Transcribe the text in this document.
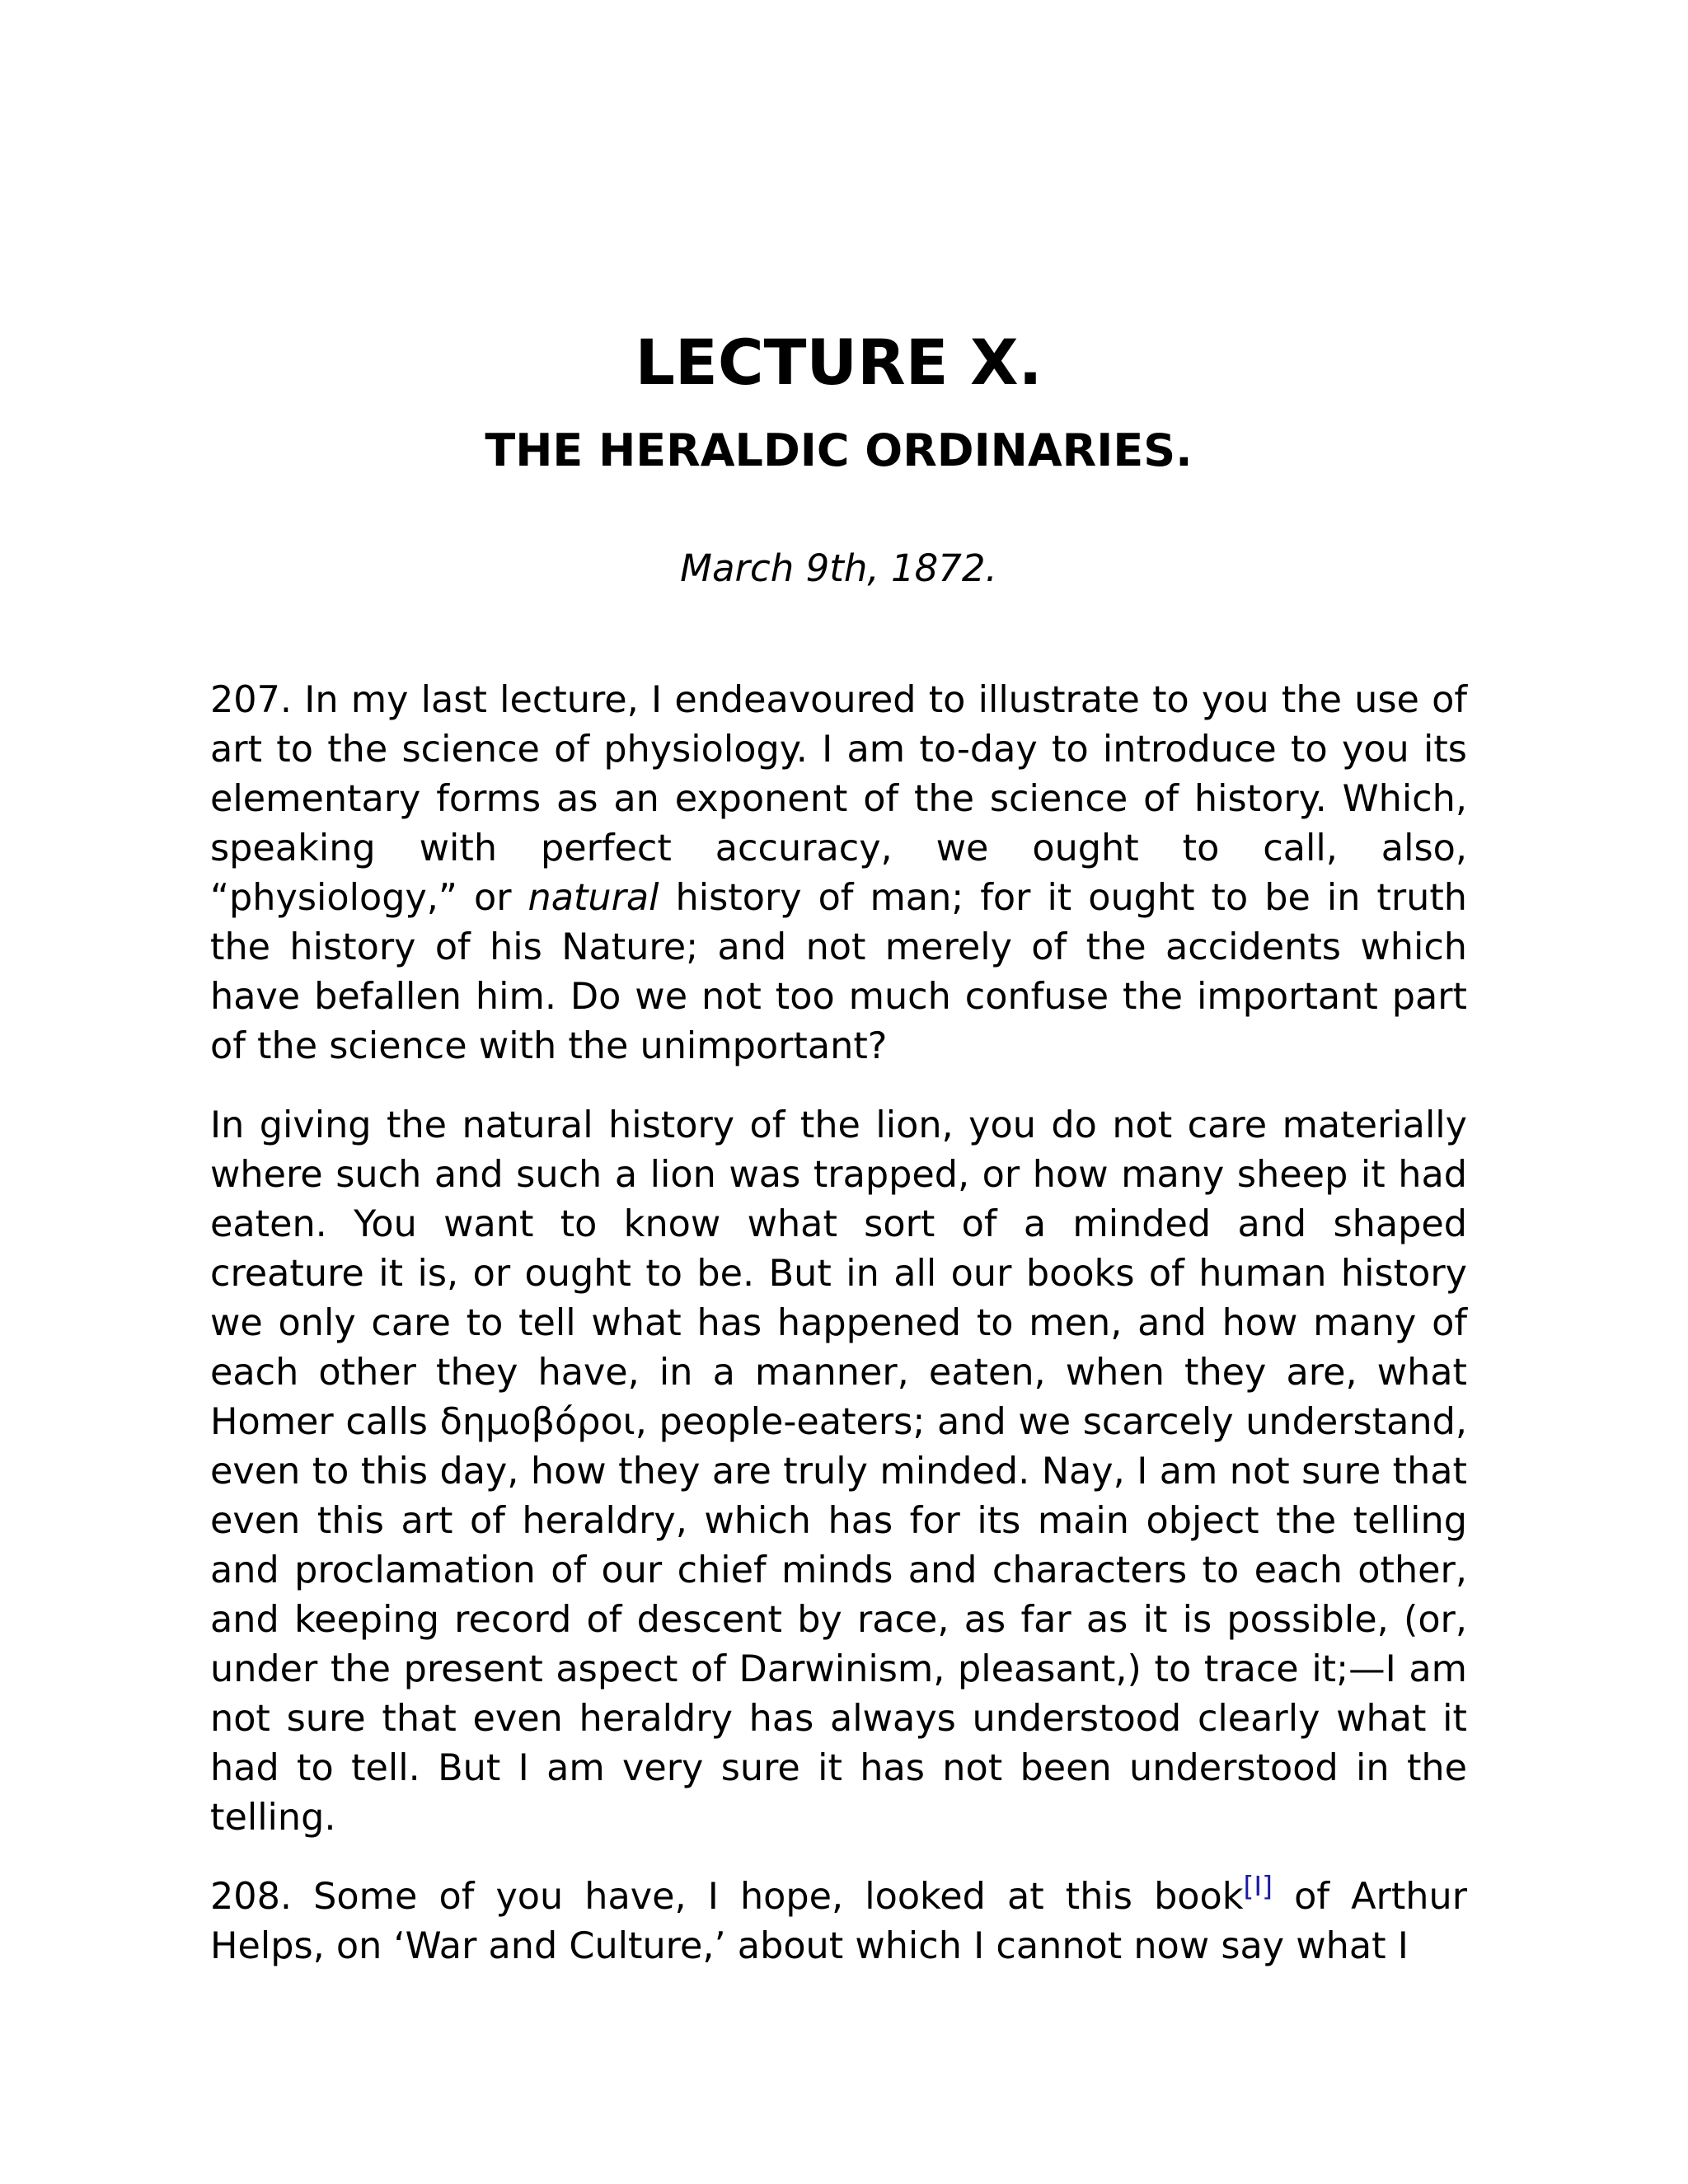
LECTURE X.
THE HERALDIC ORDINARIES.

March 9th, 1872.

207. In my last lecture, I endeavoured to illustrate to you the use of art to the science of physiology. I am to-day to introduce to you its elementary forms as an exponent of the science of history. Which, speaking with perfect accuracy, we ought to call, also, “physiology,” or natural history of man; for it ought to be in truth the history of his Nature; and not merely of the accidents which have befallen him. Do we not too much confuse the important part of the science with the unimportant?

In giving the natural history of the lion, you do not care materially where such and such a lion was trapped, or how many sheep it had eaten. You want to know what sort of a minded and shaped creature it is, or ought to be. But in all our books of human history we only care to tell what has happened to men, and how many of each other they have, in a manner, eaten, when they are, what Homer calls δημοβόροι, people-eaters; and we scarcely understand, even to this day, how they are truly minded. Nay, I am not sure that even this art of heraldry, which has for its main object the telling and proclamation of our chief minds and characters to each other, and keeping record of descent by race, as far as it is possible, (or, under the present aspect of Darwinism, pleasant,) to trace it;—I am not sure that even heraldry has always understood clearly what it had to tell. But I am very sure it has not been understood in the telling.

208. Some of you have, I hope, looked at this book[I] of Arthur Helps, on ‘War and Culture,’ about which I cannot now say what I
